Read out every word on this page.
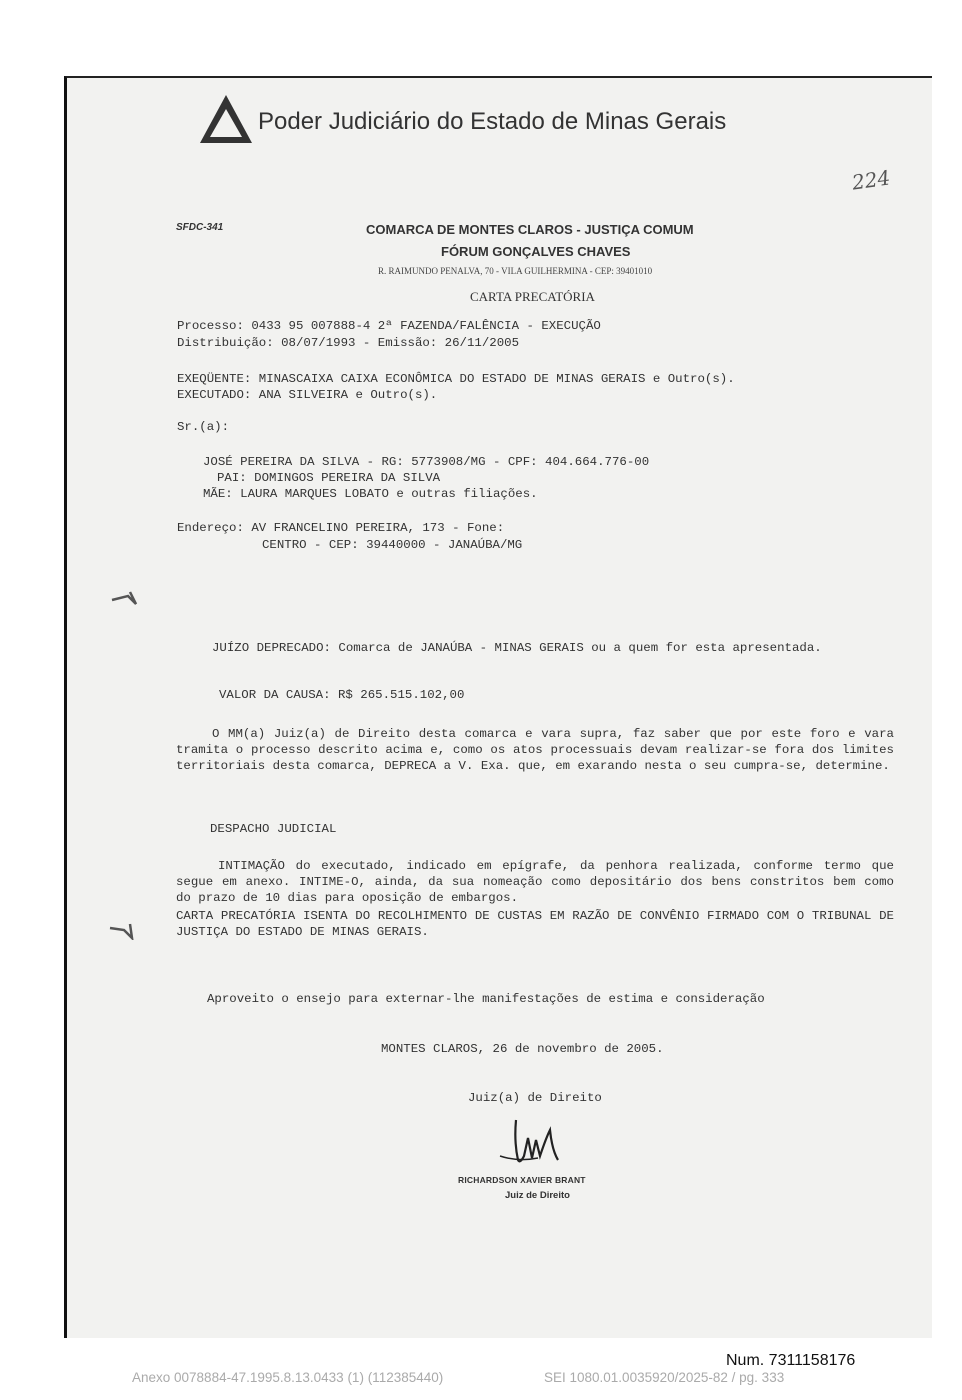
Poder Judiciário do Estado de Minas Gerais
224
SFDC-341	COMARCA DE MONTES CLAROS - JUSTIÇA COMUM
FÓRUM GONÇALVES CHAVES
R. RAIMUNDO PENALVA, 70 - VILA GUILHERMINA - CEP: 39401010
CARTA PRECATÓRIA
Processo: 0433 95 007888-4 2ª FAZENDA/FALÊNCIA - EXECUÇÃO
Distribuição: 08/07/1993 - Emissão: 26/11/2005
EXEQÜENTE: MINASCAIXA CAIXA ECONÔMICA DO ESTADO DE MINAS GERAIS e Outro(s).
EXECUTADO: ANA SILVEIRA e Outro(s).
Sr.(a):
JOSÉ PEREIRA DA SILVA - RG: 5773908/MG - CPF: 404.664.776-00
PAI: DOMINGOS PEREIRA DA SILVA
MÃE: LAURA MARQUES LOBATO e outras filiações.
Endereço: AV FRANCELINO PEREIRA, 173 - Fone:
CENTRO - CEP: 39440000 - JANAÚBA/MG
JUÍZO DEPRECADO: Comarca de JANAÚBA - MINAS GERAIS ou a quem for esta apresentada.
VALOR DA CAUSA: R$ 265.515.102,00
O MM(a) Juiz(a) de Direito desta comarca e vara supra, faz saber que por este foro e vara tramita o processo descrito acima e, como os atos processuais devam realizar-se fora dos limites territoriais desta comarca, DEPRECA a V. Exa. que, em exarando nesta o seu cumpra-se, determine.
DESPACHO JUDICIAL
INTIMAÇÃO do executado, indicado em epígrafe, da penhora realizada, conforme termo que segue em anexo. INTIME-O, ainda, da sua nomeação como depositário dos bens constritos bem como do prazo de 10 dias para oposição de embargos.
CARTA PRECATÓRIA ISENTA DO RECOLHIMENTO DE CUSTAS EM RAZÃO DE CONVÊNIO FIRMADO COM O TRIBUNAL DE JUSTIÇA DO ESTADO DE MINAS GERAIS.
Aproveito o ensejo para externar-lhe manifestações de estima e consideração
MONTES CLAROS, 26 de novembro de 2005.
Juiz(a) de Direito
RICHARDSON XAVIER BRANT
Juiz de Direito
Num. 7311158176
Anexo 0078884-47.1995.8.13.0433 (1) (112385440)	SEI 1080.01.0035920/2025-82 / pg. 333
